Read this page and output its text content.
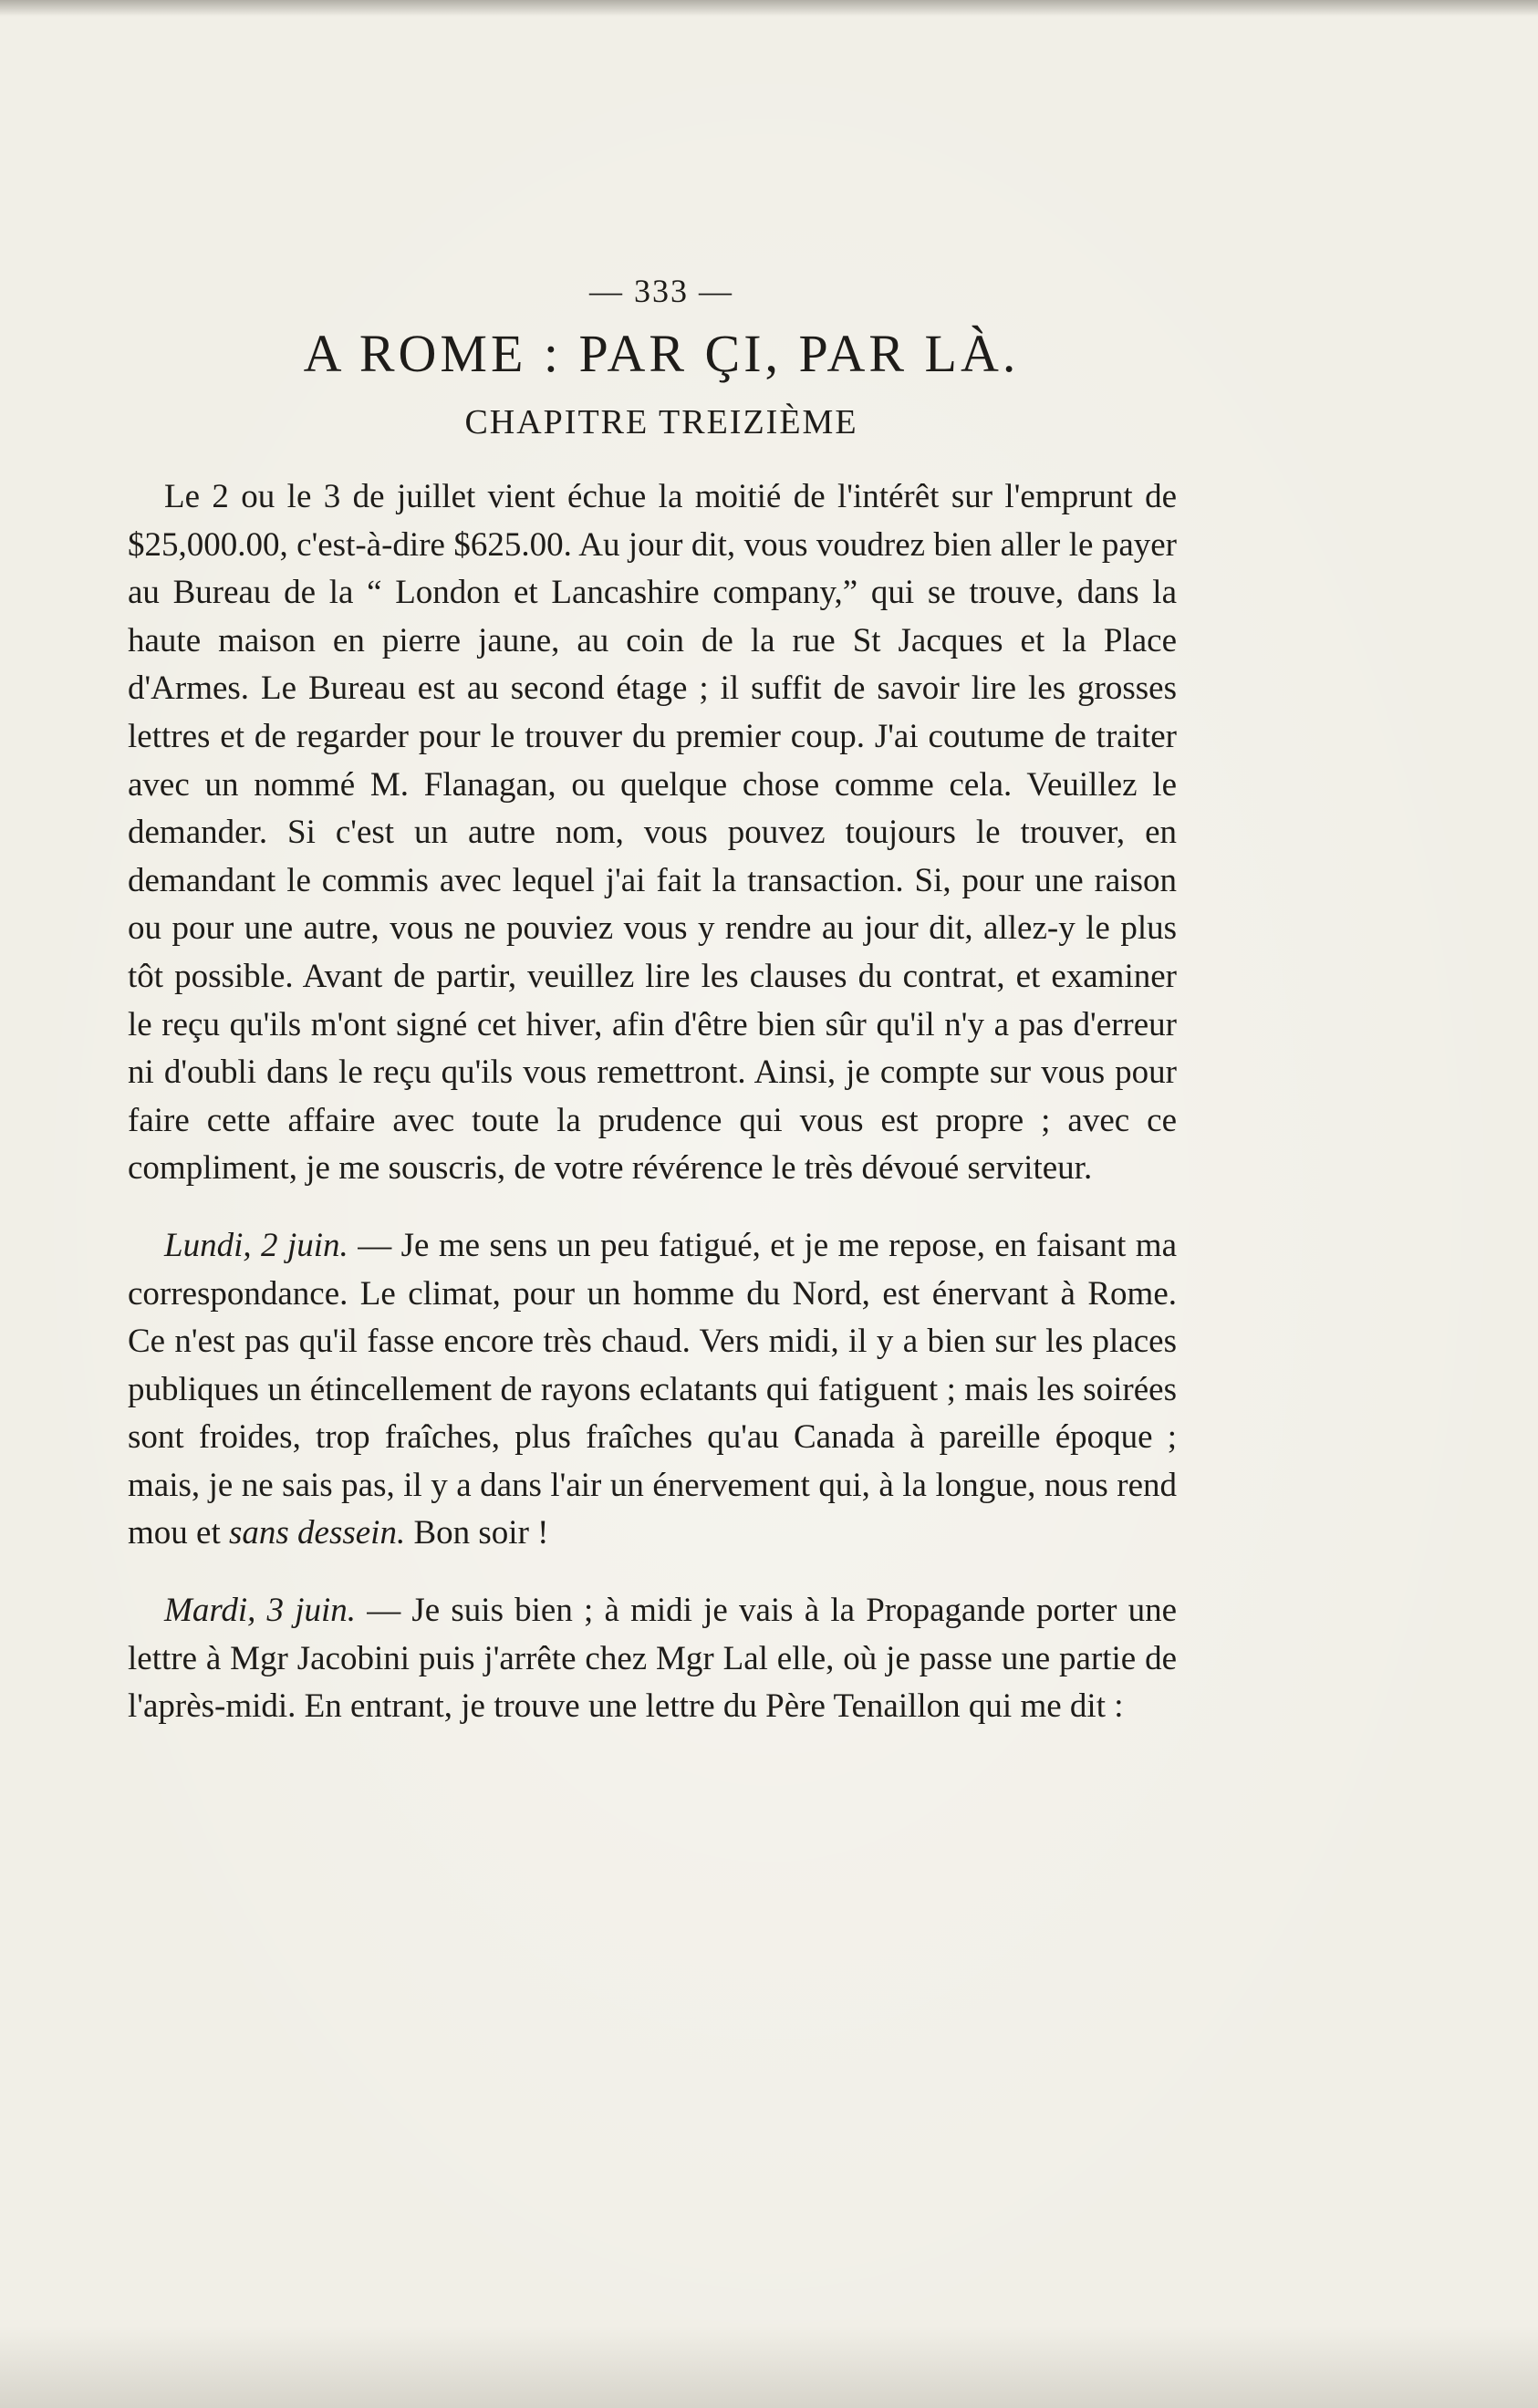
— 333 —
A ROME : PAR ÇI, PAR LÀ.
CHAPITRE TREIZIÈME

Le 2 ou le 3 de juillet vient échue la moitié de l'intérêt sur l'emprunt de $25,000.00, c'est-à-dire $625.00. Au jour dit, vous voudrez bien aller le payer au Bureau de la “ London et Lancashire company,” qui se trouve, dans la haute maison en pierre jaune, au coin de la rue St Jacques et la Place d'Armes. Le Bureau est au second étage ; il suffit de savoir lire les grosses lettres et de regarder pour le trouver du premier coup. J'ai coutume de traiter avec un nommé M. Flanagan, ou quelque chose comme cela. Veuillez le demander. Si c'est un autre nom, vous pouvez toujours le trouver, en demandant le commis avec lequel j'ai fait la transaction. Si, pour une raison ou pour une autre, vous ne pouviez vous y rendre au jour dit, allez-y le plus tôt possible. Avant de partir, veuillez lire les clauses du contrat, et examiner le reçu qu'ils m'ont signé cet hiver, afin d'être bien sûr qu'il n'y a pas d'erreur ni d'oubli dans le reçu qu'ils vous remettront. Ainsi, je compte sur vous pour faire cette affaire avec toute la prudence qui vous est propre ; avec ce compliment, je me souscris, de votre révérence le très dévoué serviteur.

Lundi, 2 juin. — Je me sens un peu fatigué, et je me repose, en faisant ma correspondance. Le climat, pour un homme du Nord, est énervant à Rome. Ce n'est pas qu'il fasse encore très chaud. Vers midi, il y a bien sur les places publiques un étincellement de rayons eclatants qui fatiguent ; mais les soirées sont froides, trop fraîches, plus fraîches qu'au Canada à pareille époque ; mais, je ne sais pas, il y a dans l'air un énervement qui, à la longue, nous rend mou et sans dessein. Bon soir !

Mardi, 3 juin. — Je suis bien ; à midi je vais à la Propagande porter une lettre à Mgr Jacobini puis j'arrête chez Mgr Lal elle, où je passe une partie de l'après-midi. En entrant, je trouve une lettre du Père Tenaillon qui me dit :
